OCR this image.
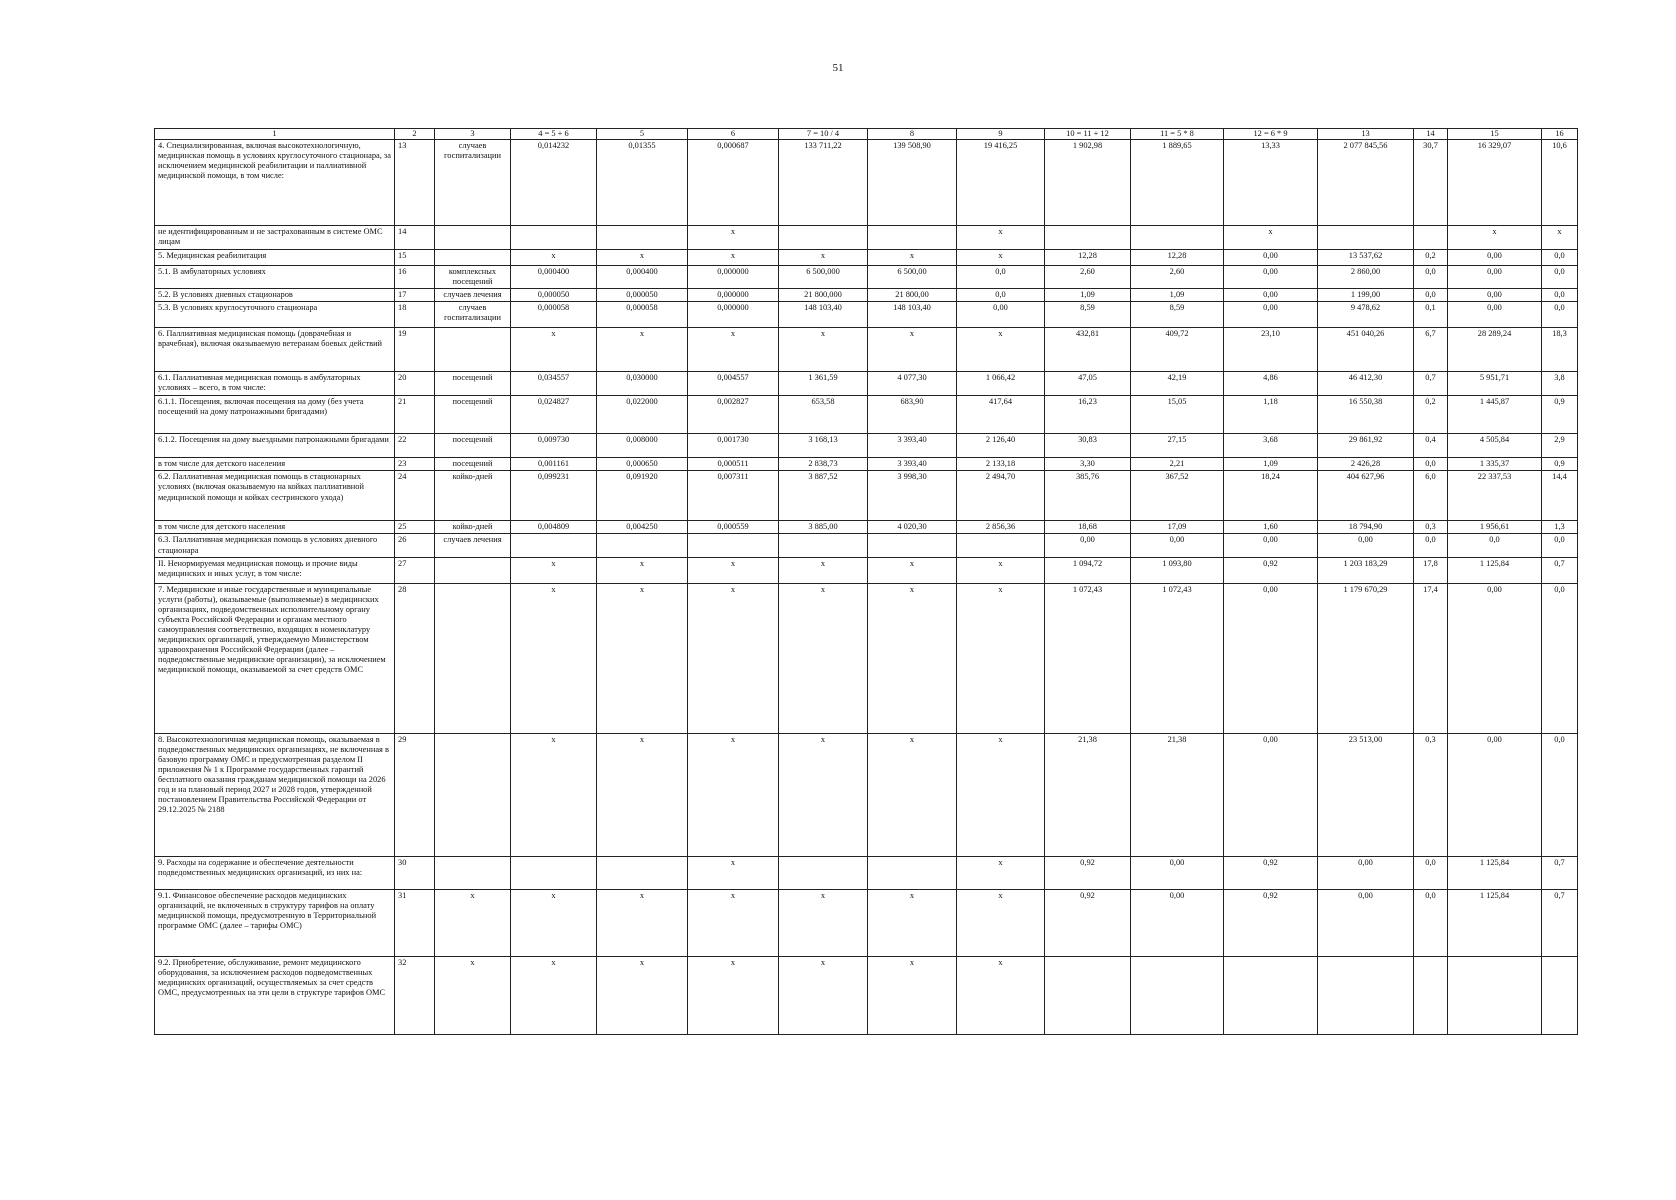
51
1	2	3	4 = 5 + 6	5	6	7 = 10 / 4	8	9	10 = 11 + 12	11 = 5 * 8	12 = 6 * 9	13	14	15	16
4. Специализированная, включая высокотехнологичную, медицинская помощь в условиях круглосуточного стационара, за исключением медицинской реабилитации и паллиативной медицинской помощи, в том числе:	13	случаев госпитализации	0,014232	0,01355	0,000687	133 711,22	139 508,90	19 416,25	1 902,98	1 889,65	13,33	2 077 845,56	30,7	16 329,07	10,6
не идентифицированным и не застрахованным в системе ОМС лицам	14				х			х			х			х	х
5. Медицинская реабилитация	15		х	х	х	х	х	х	12,28	12,28	0,00	13 537,62	0,2	0,00	0,0
5.1. В амбулаторных условиях	16	комплексных посещений	0,000400	0,000400	0,000000	6 500,000	6 500,00	0,0	2,60	2,60	0,00	2 860,00	0,0	0,00	0,0
5.2. В условиях дневных стационаров	17	случаев лечения	0,000050	0,000050	0,000000	21 800,000	21 800,00	0,0	1,09	1,09	0,00	1 199,00	0,0	0,00	0,0
5.3. В условиях круглосуточного стационара	18	случаев госпитализации	0,000058	0,000058	0,000000	148 103,40	148 103,40	0,00	8,59	8,59	0,00	9 478,62	0,1	0,00	0,0
6. Паллиативная медицинская помощь (доврачебная и врачебная), включая оказываемую ветеранам боевых действий	19		х	х	х	х	х	х	432,81	409,72	23,10	451 040,26	6,7	28 289,24	18,3
6.1. Паллиативная медицинская помощь в амбулаторных условиях – всего, в том числе:	20	посещений	0,034557	0,030000	0,004557	1 361,59	4 077,30	1 066,42	47,05	42,19	4,86	46 412,30	0,7	5 951,71	3,8
6.1.1. Посещения, включая посещения на дому (без учета посещений на дому патронажными бригадами)	21	посещений	0,024827	0,022000	0,002827	653,58	683,90	417,64	16,23	15,05	1,18	16 550,38	0,2	1 445,87	0,9
6.1.2. Посещения на дому выездными патронажными бригадами	22	посещений	0,009730	0,008000	0,001730	3 168,13	3 393,40	2 126,40	30,83	27,15	3,68	29 861,92	0,4	4 505,84	2,9
в том числе для детского населения	23	посещений	0,001161	0,000650	0,000511	2 838,73	3 393,40	2 133,18	3,30	2,21	1,09	2 426,28	0,0	1 335,37	0,9
6.2. Паллиативная медицинская помощь в стационарных условиях (включая оказываемую на койках паллиативной медицинской помощи и койках сестринского ухода)	24	койко-дней	0,099231	0,091920	0,007311	3 887,52	3 998,30	2 494,70	385,76	367,52	18,24	404 627,96	6,0	22 337,53	14,4
в том числе для детского населения	25	койко-дней	0,004809	0,004250	0,000559	3 885,00	4 020,30	2 856,36	18,68	17,09	1,60	18 794,90	0,3	1 956,61	1,3
6.3. Паллиативная медицинская помощь в условиях дневного стационара	26	случаев лечения							0,00	0,00	0,00	0,00	0,0	0,0	0,0
II. Ненормируемая медицинская помощь и прочие виды медицинских и иных услуг, в том числе:	27		х	х	х	х	х	х	1 094,72	1 093,80	0,92	1 203 183,29	17,8	1 125,84	0,7
7. Медицинские и иные государственные и муниципальные услуги (работы), оказываемые (выполняемые) в медицинских организациях, подведомственных исполнительному органу субъекта Российской Федерации и органам местного самоуправления соответственно, входящих в номенклатуру медицинских организаций, утверждаемую Министерством здравоохранения Российской Федерации (далее – подведомственные медицинские организации), за исключением медицинской помощи, оказываемой за счет средств ОМС	28		х	х	х	х	х	х	1 072,43	1 072,43	0,00	1 179 670,29	17,4	0,00	0,0
8. Высокотехнологичная медицинская помощь, оказываемая в подведомственных медицинских организациях, не включенная в базовую программу ОМС и предусмотренная разделом II приложения № 1 к Программе государственных гарантий бесплатного оказания гражданам медицинской помощи на 2026 год и на плановый период 2027 и 2028 годов, утвержденной постановлением Правительства Российской Федерации от 29.12.2025 № 2188	29		х	х	х	х	х	х	21,38	21,38	0,00	23 513,00	0,3	0,00	0,0
9. Расходы на содержание и обеспечение деятельности подведомственных медицинских организаций, из них на:	30				х			х	0,92	0,00	0,92	0,00	0,0	1 125,84	0,7
9.1. Финансовое обеспечение расходов медицинских организаций, не включенных в структуру тарифов на оплату медицинской помощи, предусмотренную в Территориальной программе ОМС (далее – тарифы ОМС)	31	х	х	х	х	х	х	х	0,92	0,00	0,92	0,00	0,0	1 125,84	0,7
9.2. Приобретение, обслуживание, ремонт медицинского оборудования, за исключением расходов подведомственных медицинских организаций, осуществляемых за счет средств ОМС, предусмотренных на эти цели в структуре тарифов ОМС	32	х	х	х	х	х	х	х							
